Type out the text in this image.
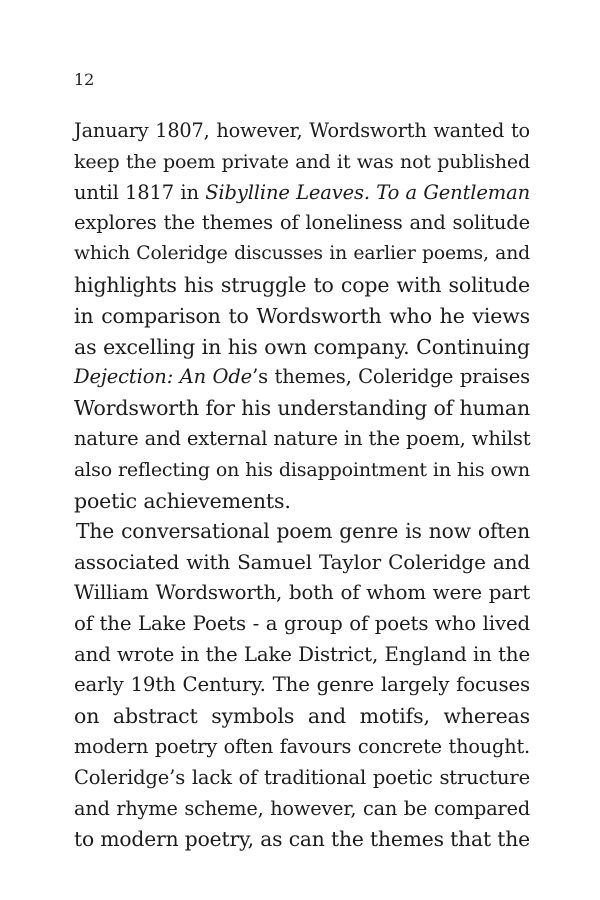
12
January 1807, however, Wordsworth wanted to
keep the poem private and it was not published
until 1817 in Sibylline Leaves. To a Gentleman
explores the themes of loneliness and solitude
which Coleridge discusses in earlier poems, and
highlights his struggle to cope with solitude
in comparison to Wordsworth who he views
as excelling in his own company. Continuing
Dejection: An Ode’s themes, Coleridge praises
Wordsworth for his understanding of human
nature and external nature in the poem, whilst
also reflecting on his disappointment in his own
poetic achievements.
The conversational poem genre is now often
associated with Samuel Taylor Coleridge and
William Wordsworth, both of whom were part
of the Lake Poets - a group of poets who lived
and wrote in the Lake District, England in the
early 19th Century. The genre largely focuses
on abstract symbols and motifs, whereas
modern poetry often favours concrete thought.
Coleridge’s lack of traditional poetic structure
and rhyme scheme, however, can be compared
to modern poetry, as can the themes that the
